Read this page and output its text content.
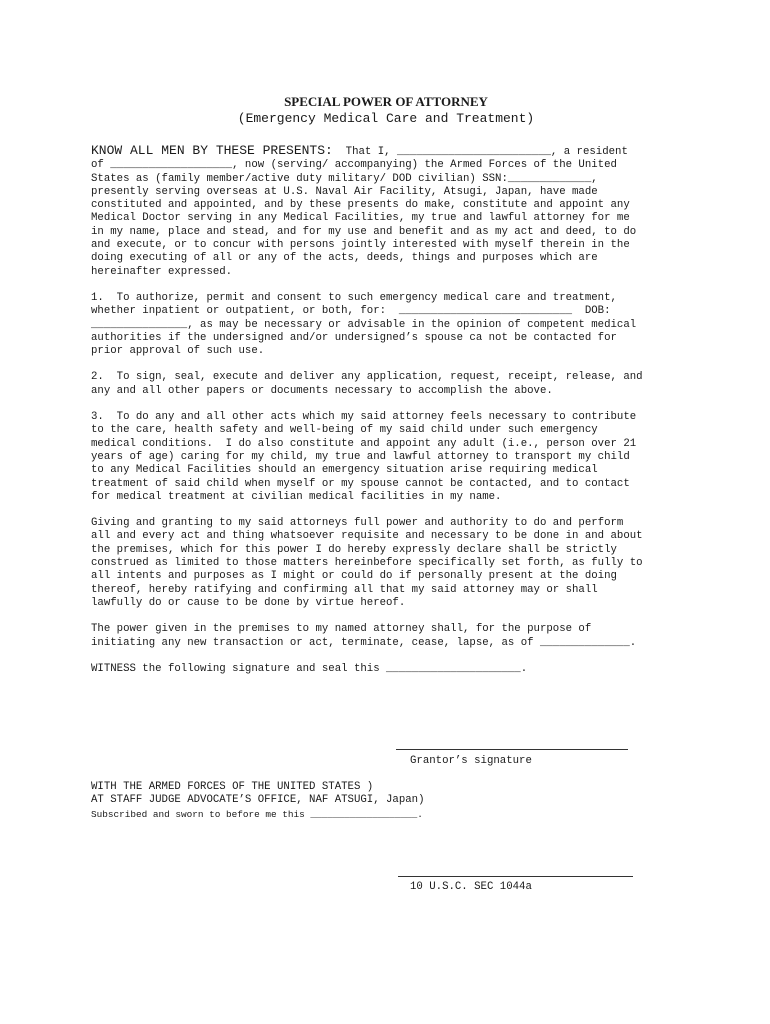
SPECIAL POWER OF ATTORNEY
(Emergency Medical Care and Treatment)

KNOW ALL MEN BY THESE PRESENTS:  That I, ________________________, a resident

of ___________________, now (serving/ accompanying) the Armed Forces of the United

States as (family member/active duty military/ DOD civilian) SSN:_____________,

presently serving overseas at U.S. Naval Air Facility, Atsugi, Japan, have made

constituted and appointed, and by these presents do make, constitute and appoint any

Medical Doctor serving in any Medical Facilities, my true and lawful attorney for me

in my name, place and stead, and for my use and benefit and as my act and deed, to do

and execute, or to concur with persons jointly interested with myself therein in the

doing executing of all or any of the acts, deeds, things and purposes which are

hereinafter expressed.

1.  To authorize, permit and consent to such emergency medical care and treatment,

whether inpatient or outpatient, or both, for:  ___________________________  DOB:

_______________, as may be necessary or advisable in the opinion of competent medical

authorities if the undersigned and/or undersigned’s spouse ca not be contacted for

prior approval of such use.

2.  To sign, seal, execute and deliver any application, request, receipt, release, and

any and all other papers or documents necessary to accomplish the above.

3.  To do any and all other acts which my said attorney feels necessary to contribute

to the care, health safety and well-being of my said child under such emergency

medical conditions.  I do also constitute and appoint any adult (i.e., person over 21

years of age) caring for my child, my true and lawful attorney to transport my child

to any Medical Facilities should an emergency situation arise requiring medical

treatment of said child when myself or my spouse cannot be contacted, and to contact

for medical treatment at civilian medical facilities in my name.

Giving and granting to my said attorneys full power and authority to do and perform

all and every act and thing whatsoever requisite and necessary to be done in and about

the premises, which for this power I do hereby expressly declare shall be strictly

construed as limited to those matters hereinbefore specifically set forth, as fully to

all intents and purposes as I might or could do if personally present at the doing

thereof, hereby ratifying and confirming all that my said attorney may or shall

lawfully do or cause to be done by virtue hereof.

The power given in the premises to my named attorney shall, for the purpose of

initiating any new transaction or act, terminate, cease, lapse, as of ______________.

WITNESS the following signature and seal this _____________________.

Grantor’s signature

WITH THE ARMED FORCES OF THE UNITED STATES )

AT STAFF JUDGE ADVOCATE’S OFFICE, NAF ATSUGI, Japan)

Subscribed and sworn to before me this ___________________.

10 U.S.C. SEC 1044a
